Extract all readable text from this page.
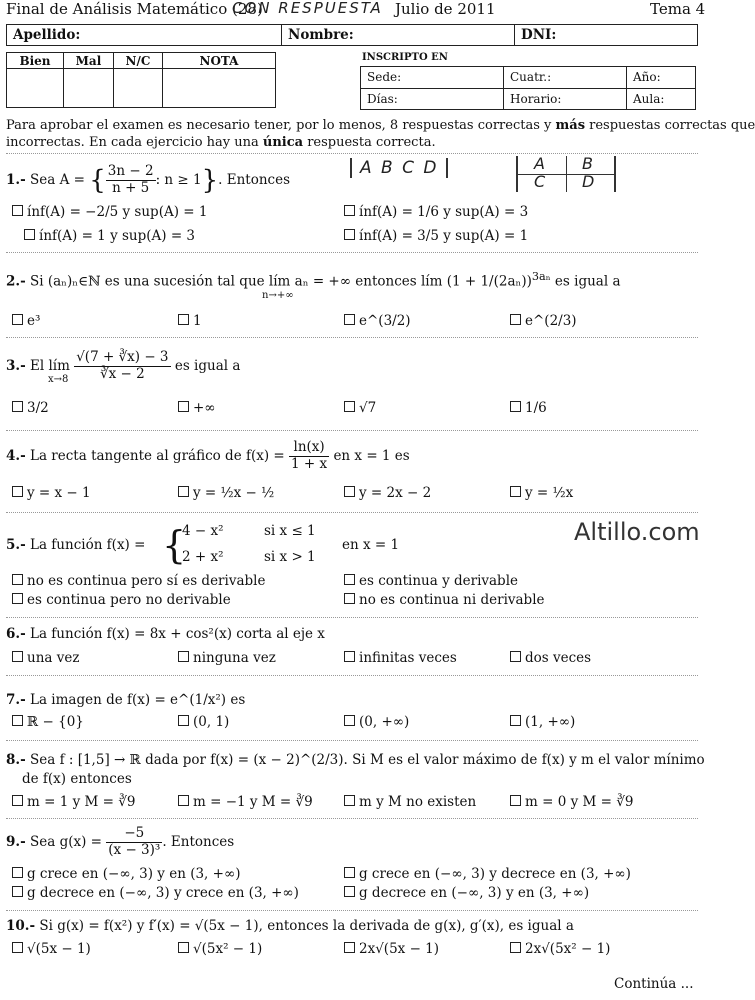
Final de Análisis Matemático (28)
CON RESPUESTA Julio de 2011	Tema 4
Apellido:	Nombre:	DNI:
Bien	Mal	N/C	NOTA
				INSCRIPTO EN
Sede:	Cuatr.:	Año:
Días:	Horario:	Aula:
Para aprobar el examen es necesario tener, por lo menos, 8 respuestas correctas y más respuestas correctas que
incorrectas. En cada ejercicio hay una única respuesta correcta.
A B C D	A B
C D
1.- Sea A = { $\frac{3n - 2}{n + 5}$ : n ≥ 1}. Entonces
ínf(A) = −2/5 y sup(A) = 1	ínf(A) = 1/6 y sup(A) = 3
ínf(A) = 1 y sup(A) = 3	ínf(A) = 3/5 y sup(A) = 1
2.- Si (aₙ)ₙ∈ℕ es una sucesión tal que lím aₙ = +∞ entonces lím $(1 + 1/(2a_n))^{3a_n}$ es igual a
n→+∞
e³	1	e^(3/2)	e^(2/3)
3.- El lím $\frac{√(7 + ∛x) - 3}{∛x - 2}$ es igual a
x→8
3/2	+∞	√7	1/6
4.- La recta tangente al gráfico de $f(x) = \frac{\ln(x)}{1 + x}$ en x = 1 es
y = x − 1	y = ½x − ½	y = 2x − 2	y = ½x
Altillo.com
5.- La función f(x) = {
4 − x²	si x ≤ 1
2 + x²	si x > 1
en x = 1
no es continua pero sí es derivable	es continua y derivable
es continua pero no derivable	no es continua ni derivable
6.- La función f(x) = 8x + cos²(x) corta al eje x
una vez	ninguna vez	infinitas veces	dos veces
7.- La imagen de f(x) = e^(1/x²) es
ℝ − {0}	(0, 1)	(0, +∞)	(1, +∞)
8.- Sea f : [1,5] → ℝ dada por f(x) = (x − 2)^(2/3). Si M es el valor máximo de f(x) y m el valor mínimo
de f(x) entonces
m = 1 y M = ∛9	m = −1 y M = ∛9	m y M no existen	m = 0 y M = ∛9
9.- Sea $g(x) = \frac{-5}{\text{(x − 3)³}}$ . Entonces
g crece en (−∞, 3) y en (3, +∞)	g crece en (−∞, 3) y decrece en (3, +∞)
g decrece en (−∞, 3) y crece en (3, +∞)	g decrece en (−∞, 3) y en (3, +∞)
10.- Si g(x) = f(x²) y f′(x) = √(5x − 1), entonces la derivada de g(x), g′(x), es igual a
√(5x − 1)	√(5x² − 1)	2x√(5x − 1)	2x√(5x² − 1)
Continúa ...
